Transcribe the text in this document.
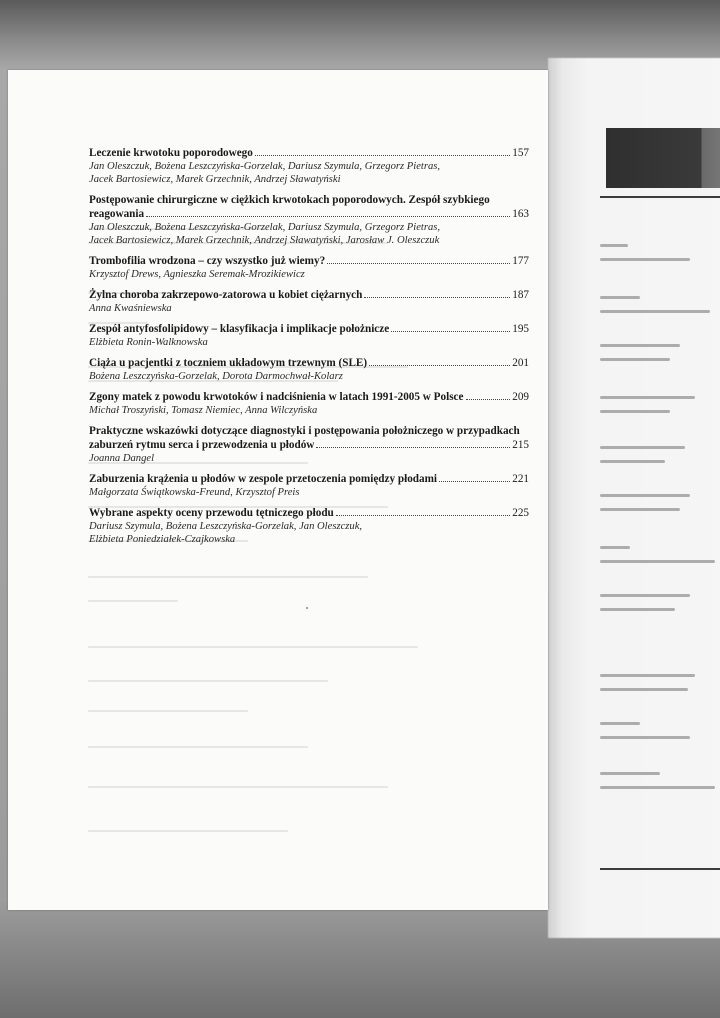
Leczenie krwotoku poporodowego	157
Jan Oleszczuk, Bożena Leszczyńska-Gorzelak, Dariusz Szymula, Grzegorz Pietras,
Jacek Bartosiewicz, Marek Grzechnik, Andrzej Sławatyński
Postępowanie chirurgiczne w ciężkich krwotokach poporodowych. Zespół szybkiego
reagowania	163
Jan Oleszczuk, Bożena Leszczyńska-Gorzelak, Dariusz Szymula, Grzegorz Pietras,
Jacek Bartosiewicz, Marek Grzechnik, Andrzej Sławatyński, Jarosław J. Oleszczuk
Trombofilia wrodzona – czy wszystko już wiemy?	177
Krzysztof Drews, Agnieszka Seremak-Mrozikiewicz
Żylna choroba zakrzepowo-zatorowa u kobiet ciężarnych	187
Anna Kwaśniewska
Zespół antyfosfolipidowy – klasyfikacja i implikacje położnicze	195
Elżbieta Ronin-Walknowska
Ciąża u pacjentki z toczniem układowym trzewnym (SLE)	201
Bożena Leszczyńska-Gorzelak, Dorota Darmochwał-Kolarz
Zgony matek z powodu krwotoków i nadciśnienia w latach 1991-2005 w Polsce	209
Michał Troszyński, Tomasz Niemiec, Anna Wilczyńska
Praktyczne wskazówki dotyczące diagnostyki i postępowania położniczego w przypadkach
zaburzeń rytmu serca i przewodzenia u płodów	215
Joanna Dangel
Zaburzenia krążenia u płodów w zespole przetoczenia pomiędzy płodami	221
Małgorzata Świątkowska-Freund, Krzysztof Preis
Wybrane aspekty oceny przewodu tętniczego płodu	225
Dariusz Szymula, Bożena Leszczyńska-Gorzelak, Jan Oleszczuk,
Elżbieta Poniedziałek-Czajkowska
